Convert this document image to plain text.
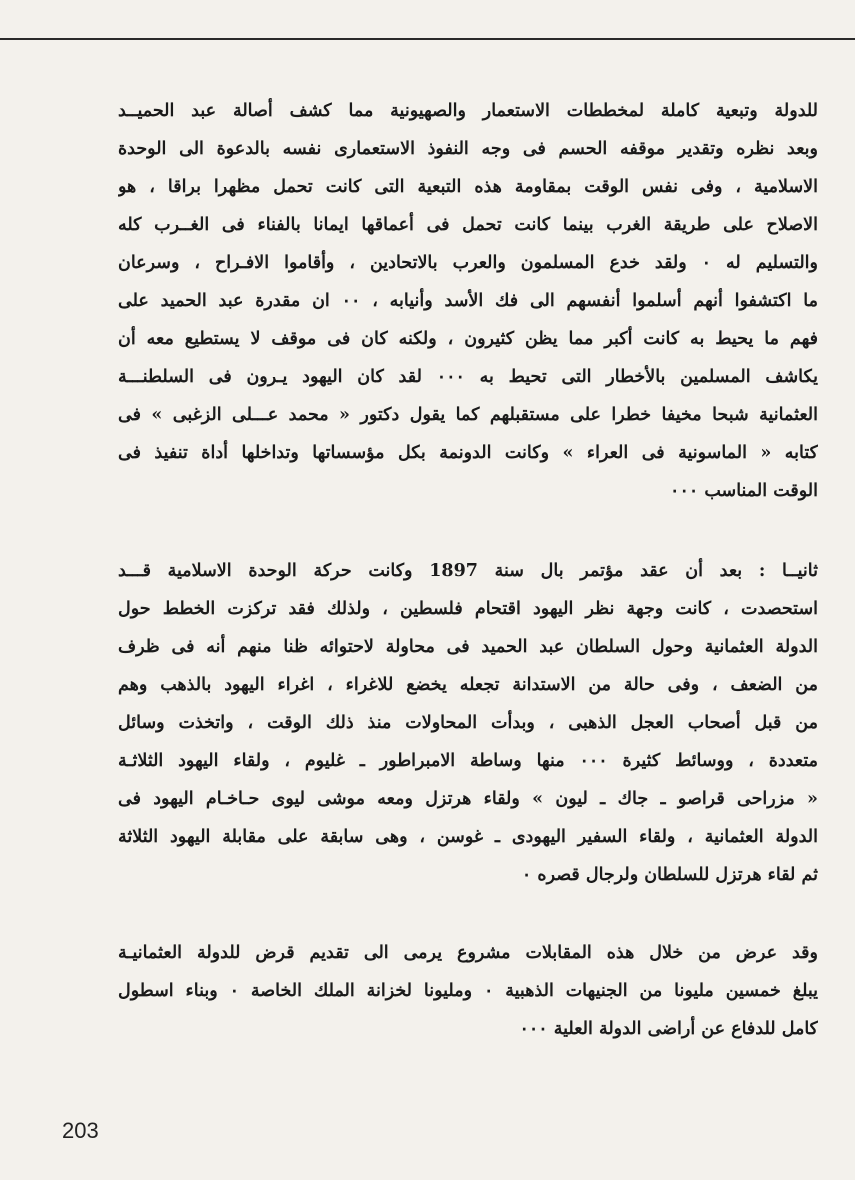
للدولة وتبعية كاملة لمخططات الاستعمار والصهيونية مما كشف أصالة عبد الحميــد
وبعد نظره وتقدير موقفه الحسم فى وجه النفوذ الاستعمارى نفسه بالدعوة الى الوحدة
الاسلامية ، وفى نفس الوقت بمقاومة هذه التبعية التى كانت تحمل مظهرا براقا ، هو
الاصلاح على طريقة الغرب بينما كانت تحمل فى أعماقها ايمانا بالفناء فى الغــرب كله
والتسليم له ۰ ولقد خدع المسلمون والعرب بالاتحادين ، وأقاموا الافـراح ، وسرعان
ما اكتشفوا أنهم أسلموا أنفسهم الى فك الأسد وأنيابه ، ۰۰ ان مقدرة عبد الحميد على
فهم ما يحيط به كانت أكبر مما يظن كثيرون ، ولكنه كان فى موقف لا يستطيع معه أن
يكاشف المسلمين بالأخطار التى تحيط به ۰۰۰ لقد كان اليهود يـرون فى السلطنـــة
العثمانية شبحا مخيفا خطرا على مستقبلهم كما يقول دكتور « محمد عـــلى الزغبى » فى
كتابه « الماسونية فى العراء » وكانت الدونمة بكل مؤسساتها وتداخلها أداة تنفيذ فى
الوقت المناسب ۰۰۰
ثانيــا : بعد أن عقد مؤتمر بال سنة 1897 وكانت حركة الوحدة الاسلامية قـــد
استحصدت ، كانت وجهة نظر اليهود اقتحام فلسطين ، ولذلك فقد تركزت الخطط حول
الدولة العثمانية وحول السلطان عبد الحميد فى محاولة لاحتوائه ظنا منهم أنه فى ظرف
من الضعف ، وفى حالة من الاستدانة تجعله يخضع للاغراء ، اغراء اليهود بالذهب وهم
من قبل أصحاب العجل الذهبى ، وبدأت المحاولات منذ ذلك الوقت ، واتخذت وسائل
متعددة ، ووسائط كثيرة ۰۰۰ منها وساطة الامبراطور ـ غليوم ، ولقاء اليهود الثلاثـة
« مزراحى قراصو ـ جاك ـ ليون » ولقاء هرتزل ومعه موشى ليوى حـاخـام اليهود فى
الدولة العثمانية ، ولقاء السفير اليهودى ـ غوسن ، وهى سابقة على مقابلة اليهود الثلاثة
ثم لقاء هرتزل للسلطان ولرجال قصره ۰
وقد عرض من خلال هذه المقابلات مشروع يرمى الى تقديم قرض للدولة العثمانيـة
يبلغ خمسين مليونا من الجنيهات الذهبية ۰ ومليونا لخزانة الملك الخاصة ۰ وبناء اسطول
كامل للدفاع عن أراضى الدولة العلية ۰۰۰
203
